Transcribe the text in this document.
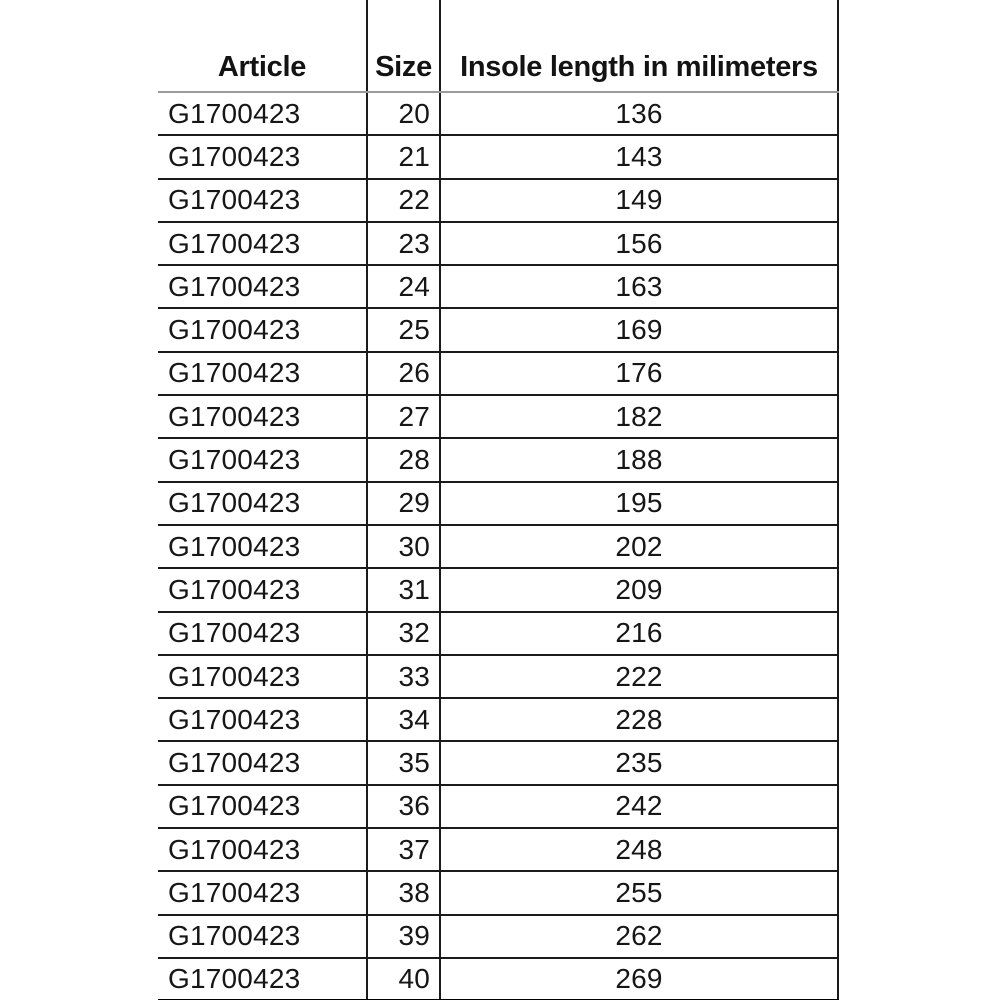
Article	Size	Insole length in milimeters
G1700423	20	136
G1700423	21	143
G1700423	22	149
G1700423	23	156
G1700423	24	163
G1700423	25	169
G1700423	26	176
G1700423	27	182
G1700423	28	188
G1700423	29	195
G1700423	30	202
G1700423	31	209
G1700423	32	216
G1700423	33	222
G1700423	34	228
G1700423	35	235
G1700423	36	242
G1700423	37	248
G1700423	38	255
G1700423	39	262
G1700423	40	269
